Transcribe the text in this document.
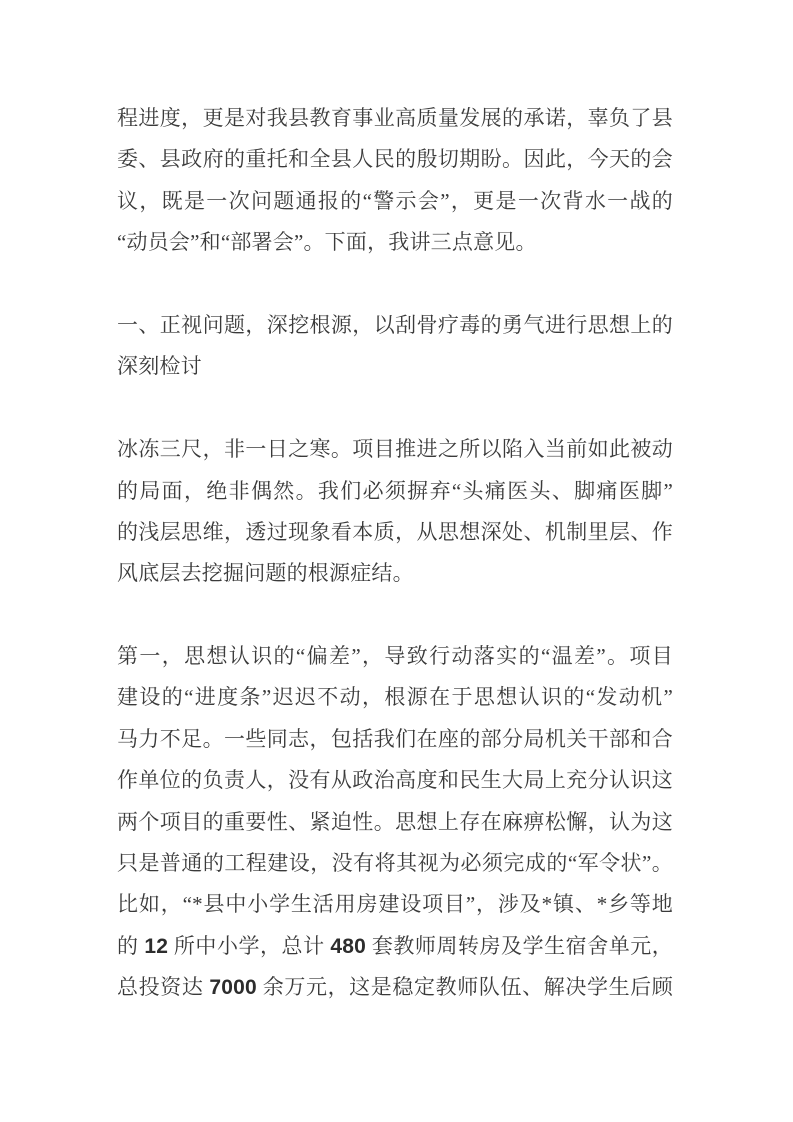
程进度，更是对我县教育事业高质量发展的承诺，辜负了县
委、县政府的重托和全县人民的殷切期盼。因此，今天的会
议，既是一次问题通报的“警示会”，更是一次背水一战的
“动员会”和“部署会”。下面，我讲三点意见。
一、正视问题，深挖根源，以刮骨疗毒的勇气进行思想上的
深刻检讨
冰冻三尺，非一日之寒。项目推进之所以陷入当前如此被动
的局面，绝非偶然。我们必须摒弃“头痛医头、脚痛医脚”
的浅层思维，透过现象看本质，从思想深处、机制里层、作
风底层去挖掘问题的根源症结。
第一，思想认识的“偏差”，导致行动落实的“温差”。项目
建设的“进度条”迟迟不动，根源在于思想认识的“发动机”
马力不足。一些同志，包括我们在座的部分局机关干部和合
作单位的负责人，没有从政治高度和民生大局上充分认识这
两个项目的重要性、紧迫性。思想上存在麻痹松懈，认为这
只是普通的工程建设，没有将其视为必须完成的“军令状”。
比如，“*县中小学生活用房建设项目”，涉及*镇、*乡等地
的 12 所中小学，总计 480 套教师周转房及学生宿舍单元，
总投资达 7000 余万元，这是稳定教师队伍、解决学生后顾
